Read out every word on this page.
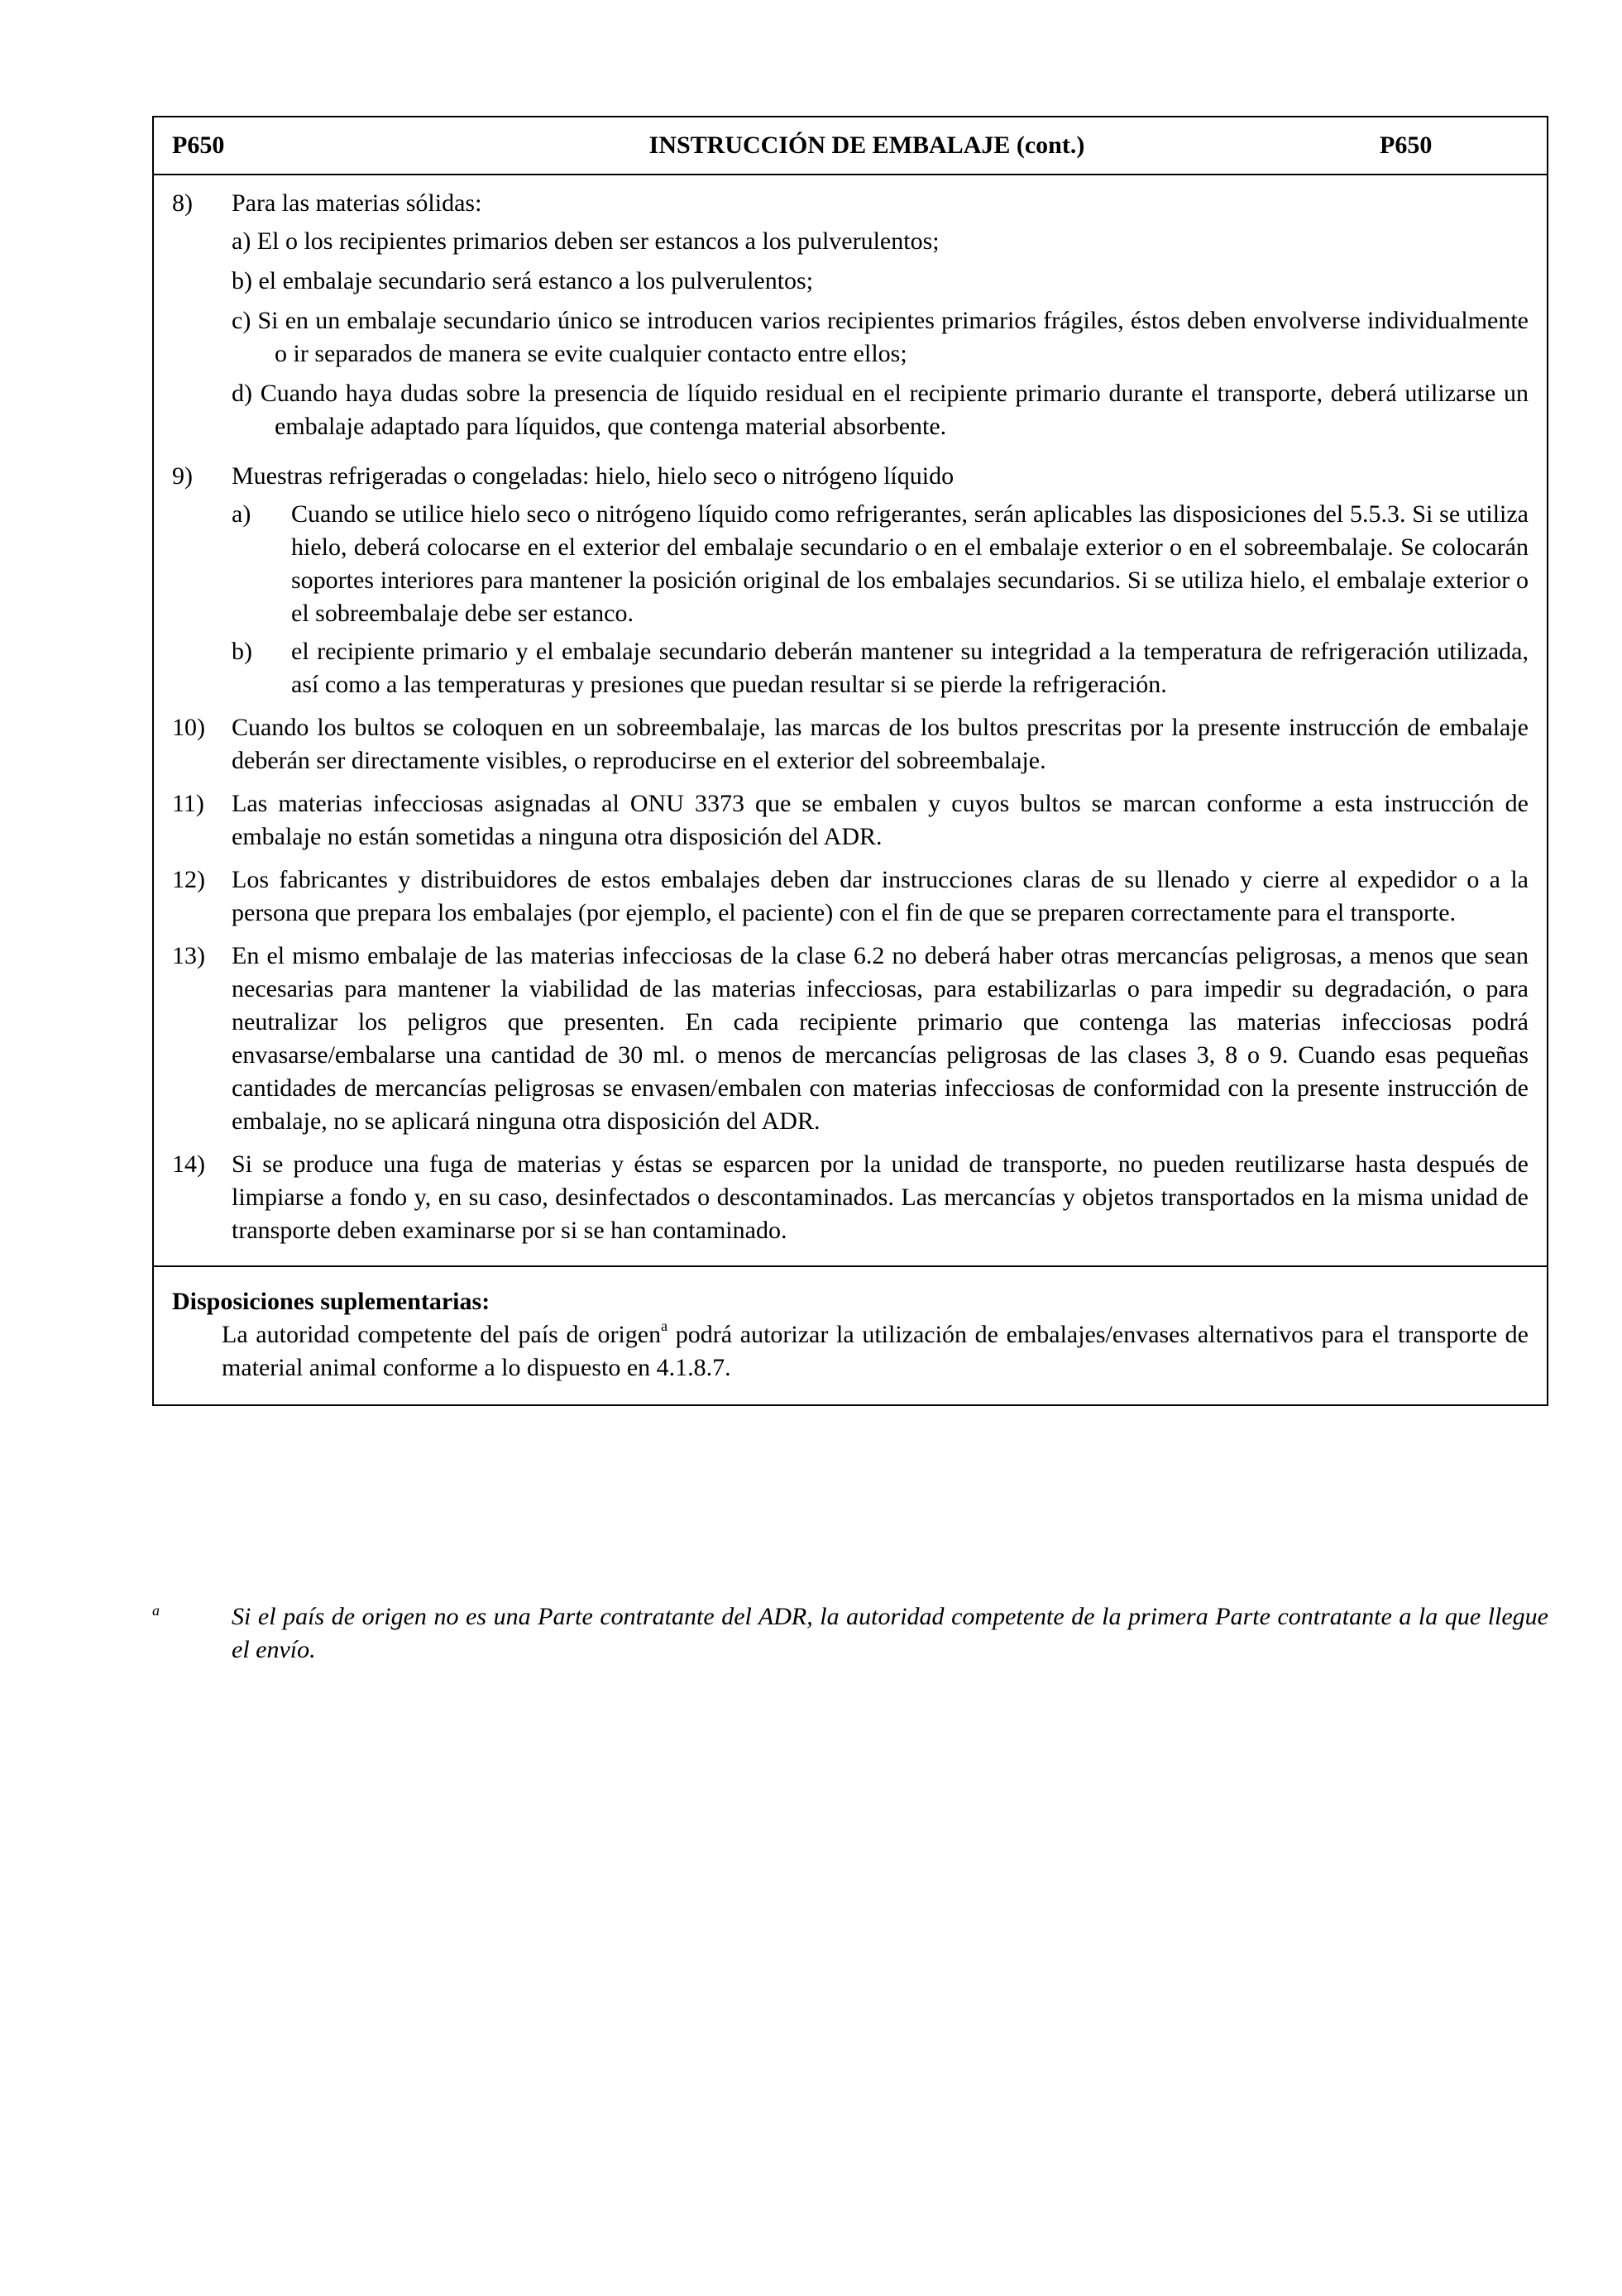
P650	INSTRUCCIÓN DE EMBALAJE (cont.)	P650
8)	Para las materias sólidas:
a) El o los recipientes primarios deben ser estancos a los pulverulentos;
b) el embalaje secundario será estanco a los pulverulentos;
c) Si en un embalaje secundario único se introducen varios recipientes primarios frágiles, éstos deben envolverse individualmente o ir separados de manera se evite cualquier contacto entre ellos;
d) Cuando haya dudas sobre la presencia de líquido residual en el recipiente primario durante el transporte, deberá utilizarse un embalaje adaptado para líquidos, que contenga material absorbente.
9)	Muestras refrigeradas o congeladas: hielo, hielo seco o nitrógeno líquido
a)	Cuando se utilice hielo seco o nitrógeno líquido como refrigerantes, serán aplicables las disposiciones del 5.5.3. Si se utiliza hielo, deberá colocarse en el exterior del embalaje secundario o en el embalaje exterior o en el sobreembalaje. Se colocarán soportes interiores para mantener la posición original de los embalajes secundarios. Si se utiliza hielo, el embalaje exterior o el sobreembalaje debe ser estanco.
b)	el recipiente primario y el embalaje secundario deberán mantener su integridad a la temperatura de refrigeración utilizada, así como a las temperaturas y presiones que puedan resultar si se pierde la refrigeración.
10)	Cuando los bultos se coloquen en un sobreembalaje, las marcas de los bultos prescritas por la presente instrucción de embalaje deberán ser directamente visibles, o reproducirse en el exterior del sobreembalaje.
11)	Las materias infecciosas asignadas al ONU 3373 que se embalen y cuyos bultos se marcan conforme a esta instrucción de embalaje no están sometidas a ninguna otra disposición del ADR.
12)	Los fabricantes y distribuidores de estos embalajes deben dar instrucciones claras de su llenado y cierre al expedidor o a la persona que prepara los embalajes (por ejemplo, el paciente) con el fin de que se preparen correctamente para el transporte.
13)	En el mismo embalaje de las materias infecciosas de la clase 6.2 no deberá haber otras mercancías peligrosas, a menos que sean necesarias para mantener la viabilidad de las materias infecciosas, para estabilizarlas o para impedir su degradación, o para neutralizar los peligros que presenten. En cada recipiente primario que contenga las materias infecciosas podrá envasarse/embalarse una cantidad de 30 ml. o menos de mercancías peligrosas de las clases 3, 8 o 9. Cuando esas pequeñas cantidades de mercancías peligrosas se envasen/embalen con materias infecciosas de conformidad con la presente instrucción de embalaje, no se aplicará ninguna otra disposición del ADR.
14)	Si se produce una fuga de materias y éstas se esparcen por la unidad de transporte, no pueden reutilizarse hasta después de limpiarse a fondo y, en su caso, desinfectados o descontaminados. Las mercancías y objetos transportados en la misma unidad de transporte deben examinarse por si se han contaminado.
Disposiciones suplementarias:
La autoridad competente del país de origen$^a$ podrá autorizar la utilización de embalajes/envases alternativos para el transporte de material animal conforme a lo dispuesto en 4.1.8.7.
a	Si el país de origen no es una Parte contratante del ADR, la autoridad competente de la primera Parte contratante a la que llegue el envío.
